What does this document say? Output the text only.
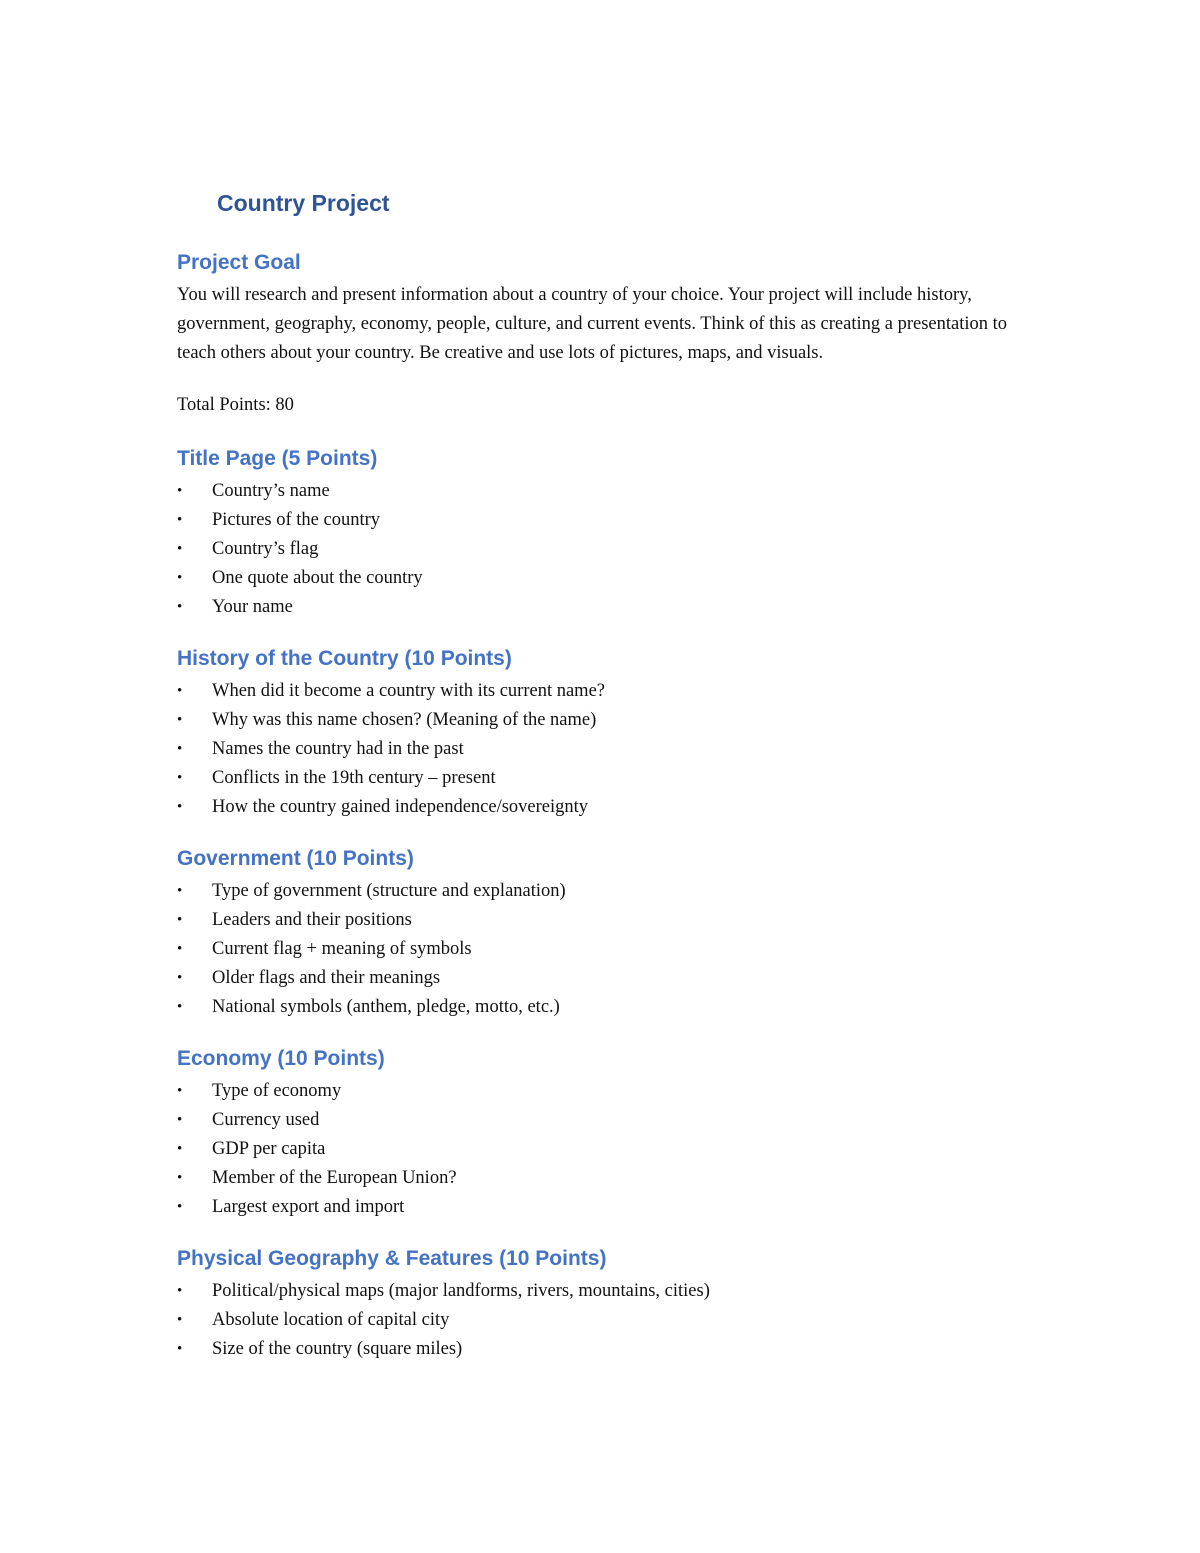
Country Project
Project Goal

You will research and present information about a country of your choice. Your project will include history, government, geography, economy, people, culture, and current events. Think of this as creating a presentation to teach others about your country. Be creative and use lots of pictures, maps, and visuals.

Total Points: 80

Title Page (5 Points)
• Country’s name
• Pictures of the country
• Country’s flag
• One quote about the country
• Your name
History of the Country (10 Points)
• When did it become a country with its current name?
• Why was this name chosen? (Meaning of the name)
• Names the country had in the past
• Conflicts in the 19th century – present
• How the country gained independence/sovereignty
Government (10 Points)
• Type of government (structure and explanation)
• Leaders and their positions
• Current flag + meaning of symbols
• Older flags and their meanings
• National symbols (anthem, pledge, motto, etc.)
Economy (10 Points)
• Type of economy
• Currency used
• GDP per capita
• Member of the European Union?
• Largest export and import
Physical Geography & Features (10 Points)
• Political/physical maps (major landforms, rivers, mountains, cities)
• Absolute location of capital city
• Size of the country (square miles)
